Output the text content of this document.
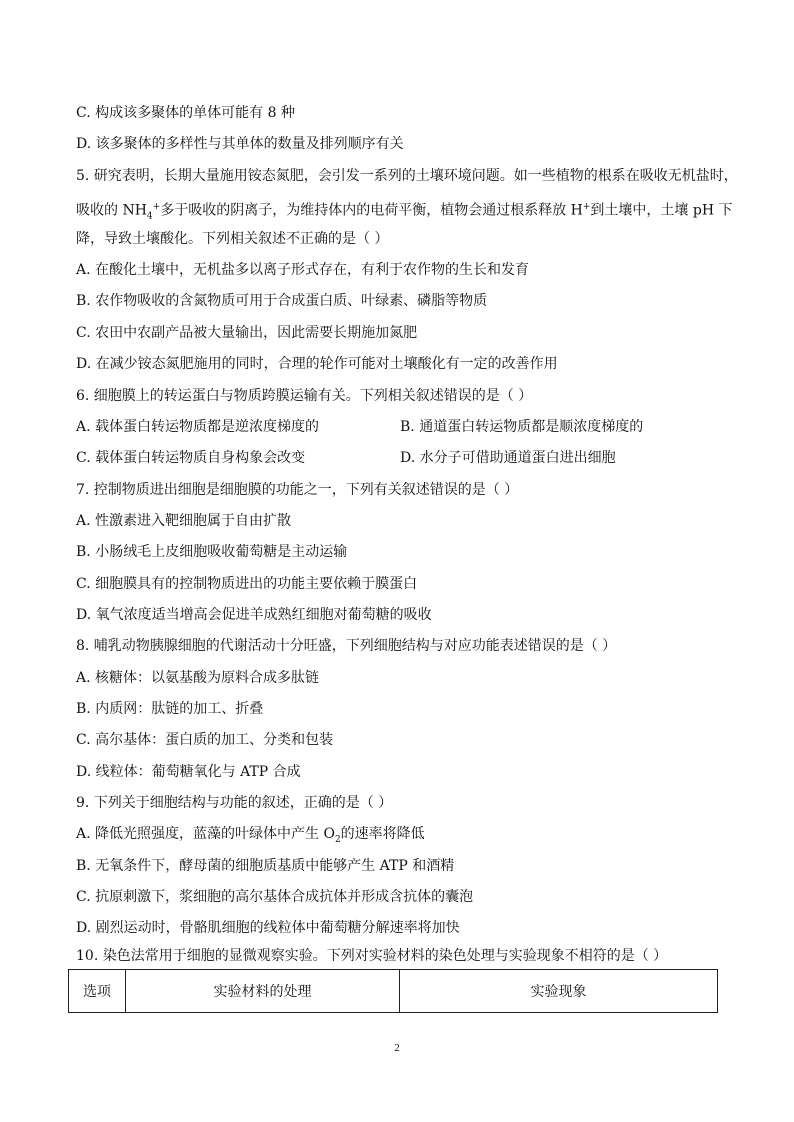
C. 构成该多聚体的单体可能有 8 种
D. 该多聚体的多样性与其单体的数量及排列顺序有关
5. 研究表明，长期大量施用铵态氮肥，会引发一系列的土壤环境问题。如一些植物的根系在吸收无机盐时，
吸收的 $NH_4^+$多于吸收的阴离子，为维持体内的电荷平衡，植物会通过根系释放 H+到土壤中，土壤 pH 下
降，导致土壤酸化。下列相关叙述不正确的是（ ）
A. 在酸化土壤中，无机盐多以离子形式存在，有利于农作物的生长和发育
B. 农作物吸收的含氮物质可用于合成蛋白质、叶绿素、磷脂等物质
C. 农田中农副产品被大量输出，因此需要长期施加氮肥
D. 在减少铵态氮肥施用的同时，合理的轮作可能对土壤酸化有一定的改善作用
6. 细胞膜上的转运蛋白与物质跨膜运输有关。下列相关叙述错误的是（ ）
A. 载体蛋白转运物质都是逆浓度梯度的	B. 通道蛋白转运物质都是顺浓度梯度的
C. 载体蛋白转运物质自身构象会改变	D. 水分子可借助通道蛋白进出细胞
7. 控制物质进出细胞是细胞膜的功能之一，下列有关叙述错误的是（ ）
A. 性激素进入靶细胞属于自由扩散
B. 小肠绒毛上皮细胞吸收葡萄糖是主动运输
C. 细胞膜具有的控制物质进出的功能主要依赖于膜蛋白
D. 氧气浓度适当增高会促进羊成熟红细胞对葡萄糖的吸收
8. 哺乳动物胰腺细胞的代谢活动十分旺盛，下列细胞结构与对应功能表述错误的是（ ）
A. 核糖体：以氨基酸为原料合成多肽链
B. 内质网：肽链的加工、折叠
C. 高尔基体：蛋白质的加工、分类和包装
D. 线粒体：葡萄糖氧化与 ATP 合成
9. 下列关于细胞结构与功能的叙述，正确的是（ ）
A. 降低光照强度，蓝藻的叶绿体中产生 $O_2$的速率将降低
B. 无氧条件下，酵母菌的细胞质基质中能够产生 ATP 和酒精
C. 抗原刺激下，浆细胞的高尔基体合成抗体并形成含抗体的囊泡
D. 剧烈运动时，骨骼肌细胞的线粒体中葡萄糖分解速率将加快
10. 染色法常用于细胞的显微观察实验。下列对实验材料的染色处理与实验现象不相符的是（ ）
选项	实验材料的处理	实验现象
2
